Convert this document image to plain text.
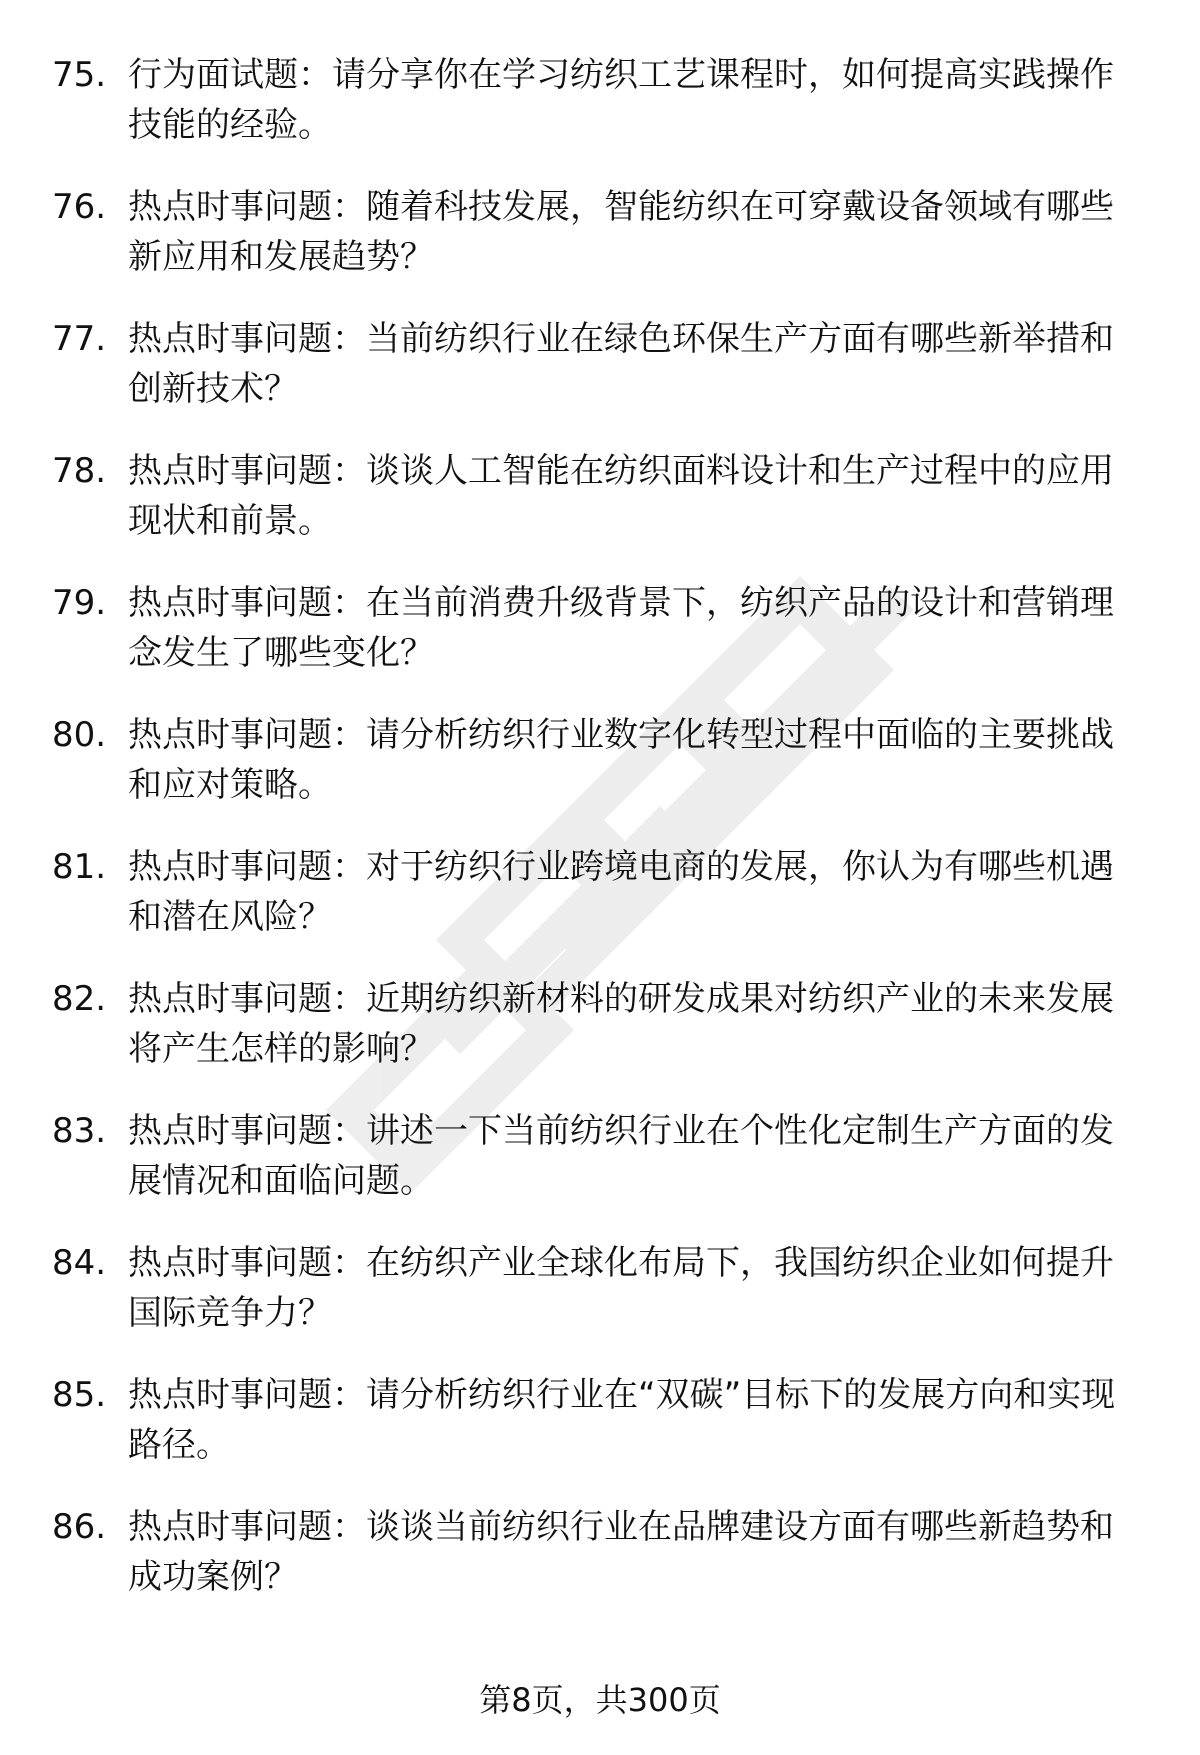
75. 行为面试题：请分享你在学习纺织工艺课程时，如何提高实践操作技能的经验。
76. 热点时事问题：随着科技发展，智能纺织在可穿戴设备领域有哪些新应用和发展趋势？
77. 热点时事问题：当前纺织行业在绿色环保生产方面有哪些新举措和创新技术？
78. 热点时事问题：谈谈人工智能在纺织面料设计和生产过程中的应用现状和前景。
79. 热点时事问题：在当前消费升级背景下，纺织产品的设计和营销理念发生了哪些变化？
80. 热点时事问题：请分析纺织行业数字化转型过程中面临的主要挑战和应对策略。
81. 热点时事问题：对于纺织行业跨境电商的发展，你认为有哪些机遇和潜在风险？
82. 热点时事问题：近期纺织新材料的研发成果对纺织产业的未来发展将产生怎样的影响？
83. 热点时事问题：讲述一下当前纺织行业在个性化定制生产方面的发展情况和面临问题。
84. 热点时事问题：在纺织产业全球化布局下，我国纺织企业如何提升国际竞争力？
85. 热点时事问题：请分析纺织行业在“双碳”目标下的发展方向和实现路径。
86. 热点时事问题：谈谈当前纺织行业在品牌建设方面有哪些新趋势和成功案例？
第8页，共300页
